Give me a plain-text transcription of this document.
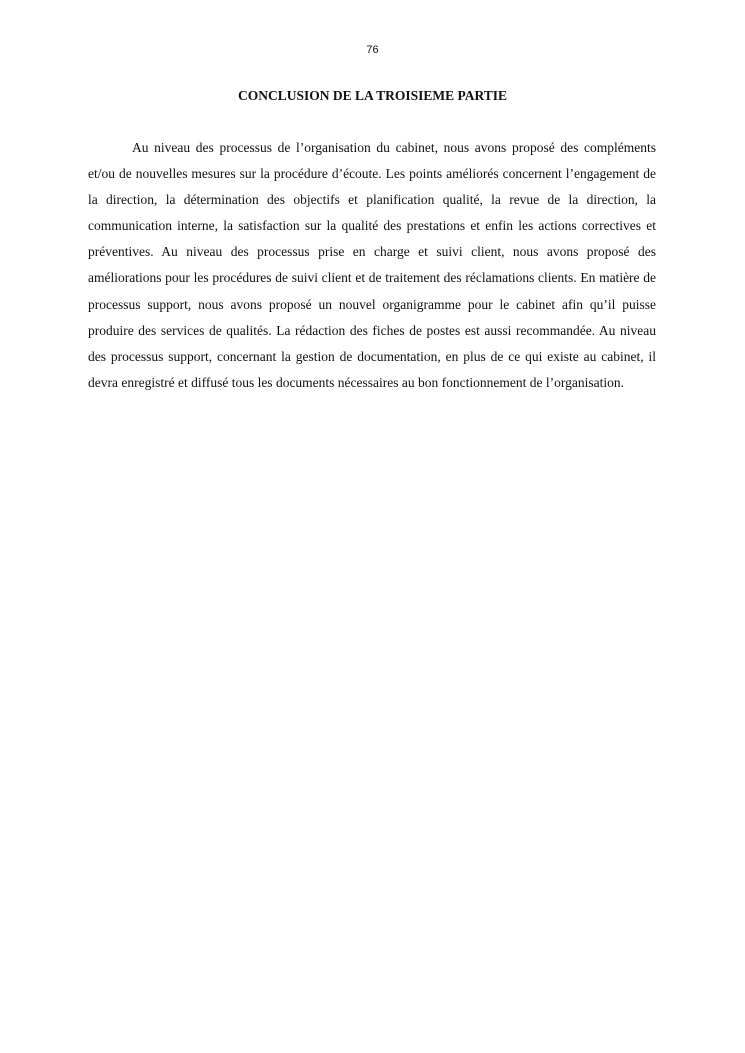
76
CONCLUSION DE LA TROISIEME PARTIE

Au niveau des processus de l’organisation du cabinet, nous avons proposé des compléments et/ou de nouvelles mesures sur la procédure d’écoute. Les points améliorés concernent l’engagement de la direction, la détermination des objectifs et planification qualité, la revue de la direction, la communication interne, la satisfaction sur la qualité des prestations et enfin les actions correctives et préventives. Au niveau des processus prise en charge et suivi client, nous avons proposé des améliorations pour les procédures de suivi client et de traitement des réclamations clients. En matière de processus support, nous avons proposé un nouvel organigramme pour le cabinet afin qu’il puisse produire des services de qualités. La rédaction des fiches de postes est aussi recommandée. Au niveau des processus support, concernant la gestion de documentation, en plus de ce qui existe au cabinet, il devra enregistré et diffusé tous les documents nécessaires au bon fonctionnement de l’organisation.
